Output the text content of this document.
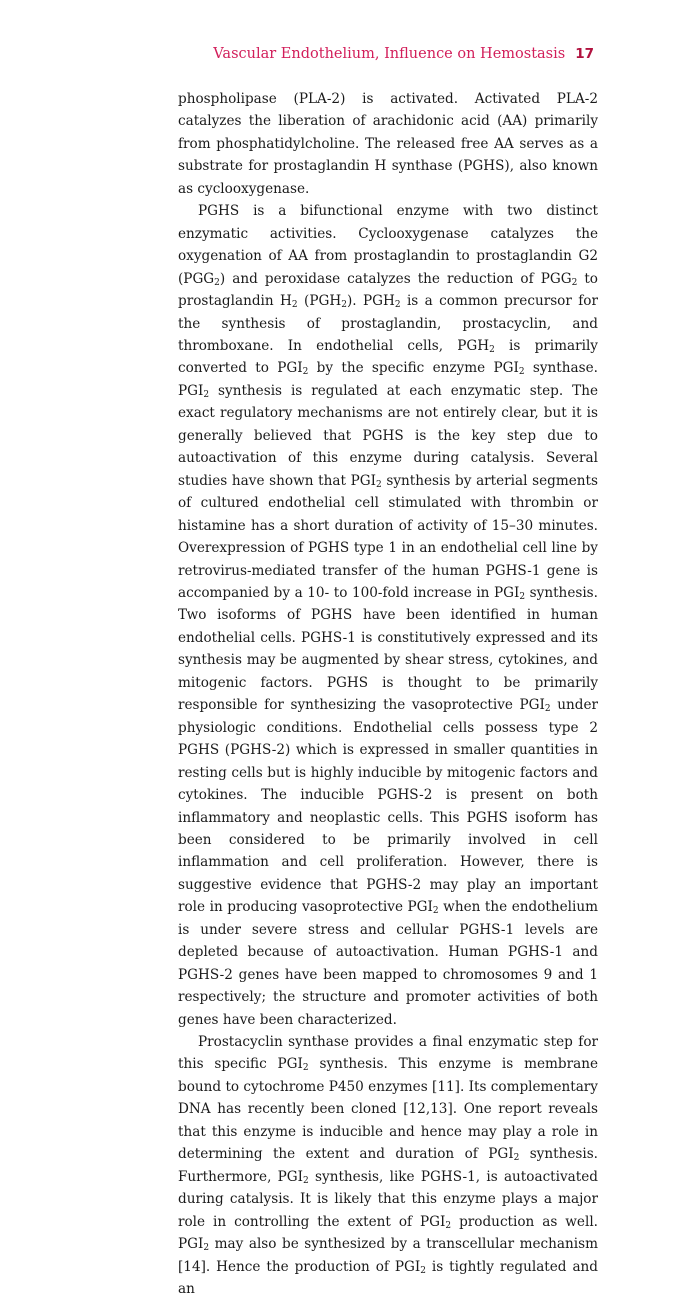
Vascular Endothelium, Influence on Hemostasis 17

phospholipase (PLA-2) is activated. Activated PLA-2 catalyzes the liberation of arachidonic acid (AA) primarily from phosphatidylcholine. The released free AA serves as a substrate for prostaglandin H synthase (PGHS), also known as cyclooxygenase.

PGHS is a bifunctional enzyme with two distinct enzymatic activities. Cyclooxygenase catalyzes the oxygenation of AA from prostaglandin to prostaglandin G2 $(PGG_2)$ and peroxidase catalyzes the reduction of $PGG_2$ to prostaglandin $H_2$ $(PGH_2)$. $PGH_2$ is a common precursor for the synthesis of prostaglandin, prostacyclin, and thromboxane. In endothelial cells, $PGH_2$ is primarily converted to $PGI_2$ by the specific enzyme $PGI_2$ synthase. $PGI_2$ synthesis is regulated at each enzymatic step. The exact regulatory mechanisms are not entirely clear, but it is generally believed that PGHS is the key step due to autoactivation of this enzyme during catalysis. Several studies have shown that $PGI_2$ synthesis by arterial segments of cultured endothelial cell stimulated with thrombin or histamine has a short duration of activity of 15–30 minutes. Overexpression of PGHS type 1 in an endothelial cell line by retrovirus-mediated transfer of the human PGHS-1 gene is accompanied by a 10- to 100-fold increase in $PGI_2$ synthesis. Two isoforms of PGHS have been identified in human endothelial cells. PGHS-1 is constitutively expressed and its synthesis may be augmented by shear stress, cytokines, and mitogenic factors. PGHS is thought to be primarily responsible for synthesizing the vasoprotective $PGI_2$ under physiologic conditions. Endothelial cells possess type 2 PGHS (PGHS-2) which is expressed in smaller quantities in resting cells but is highly inducible by mitogenic factors and cytokines. The inducible PGHS-2 is present on both inflammatory and neoplastic cells. This PGHS isoform has been considered to be primarily involved in cell inflammation and cell proliferation. However, there is suggestive evidence that PGHS-2 may play an important role in producing vasoprotective $PGI_2$ when the endothelium is under severe stress and cellular PGHS-1 levels are depleted because of autoactivation. Human PGHS-1 and PGHS-2 genes have been mapped to chromosomes 9 and 1 respectively; the structure and promoter activities of both genes have been characterized.

Prostacyclin synthase provides a final enzymatic step for this specific $PGI_2$ synthesis. This enzyme is membrane bound to cytochrome P450 enzymes [11]. Its complementary DNA has recently been cloned [12,13]. One report reveals that this enzyme is inducible and hence may play a role in determining the extent and duration of $PGI_2$ synthesis. Furthermore, $PGI_2$ synthesis, like PGHS-1, is autoactivated during catalysis. It is likely that this enzyme plays a major role in controlling the extent of $PGI_2$ production as well. $PGI_2$ may also be synthesized by a transcellular mechanism [14]. Hence the production of $PGI_2$ is tightly regulated and an
